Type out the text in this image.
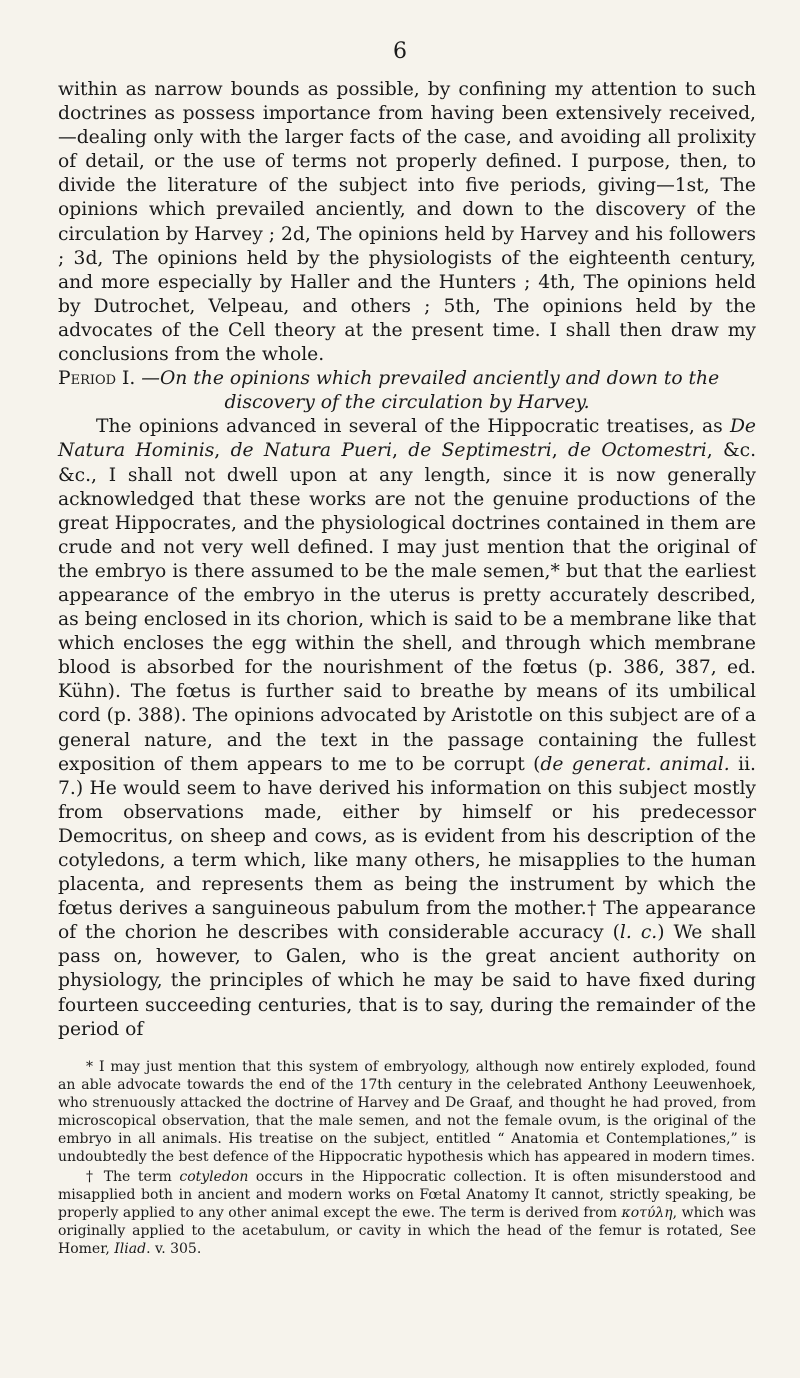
6

within as narrow bounds as possible, by confining my attention to such doctrines as possess importance from having been extensively received, —dealing only with the larger facts of the case, and avoiding all prolixity of detail, or the use of terms not properly defined. I purpose, then, to divide the literature of the subject into five periods, giving—1st, The opinions which prevailed anciently, and down to the discovery of the circulation by Harvey ; 2d, The opinions held by Harvey and his followers ; 3d, The opinions held by the physiologists of the eighteenth century, and more especially by Haller and the Hunters ; 4th, The opinions held by Dutrochet, Velpeau, and others ; 5th, The opinions held by the advocates of the Cell theory at the present time. I shall then draw my conclusions from the whole.

Period I. —On the opinions which prevailed anciently and down to the
discovery of the circulation by Harvey.

The opinions advanced in several of the Hippocratic treatises, as De Natura Hominis, de Natura Pueri, de Septimestri, de Octomestri, &c. &c., I shall not dwell upon at any length, since it is now generally acknowledged that these works are not the genuine productions of the great Hippocrates, and the physiological doctrines contained in them are crude and not very well defined. I may just mention that the original of the embryo is there assumed to be the male semen,* but that the earliest appearance of the embryo in the uterus is pretty accurately described, as being enclosed in its chorion, which is said to be a membrane like that which encloses the egg within the shell, and through which membrane blood is absorbed for the nourishment of the fœtus (p. 386, 387, ed. Kühn). The fœtus is further said to breathe by means of its umbilical cord (p. 388). The opinions advocated by Aristotle on this subject are of a general nature, and the text in the passage containing the fullest exposition of them appears to me to be corrupt (de generat. animal. ii. 7.) He would seem to have derived his information on this subject mostly from observations made, either by himself or his predecessor Democritus, on sheep and cows, as is evident from his description of the cotyledons, a term which, like many others, he misapplies to the human placenta, and represents them as being the instrument by which the fœtus derives a sanguineous pabulum from the mother.† The appearance of the chorion he describes with considerable accuracy (l. c.) We shall pass on, however, to Galen, who is the great ancient authority on physiology, the principles of which he may be said to have fixed during fourteen succeeding centuries, that is to say, during the remainder of the period of

* I may just mention that this system of embryology, although now entirely exploded, found an able advocate towards the end of the 17th century in the celebrated Anthony Leeuwenhoek, who strenuously attacked the doctrine of Harvey and De Graaf, and thought he had proved, from microscopical observation, that the male semen, and not the female ovum, is the original of the embryo in all animals. His treatise on the subject, entitled “ Anatomia et Contemplationes,” is undoubtedly the best defence of the Hippocratic hypothesis which has appeared in modern times.

† The term cotyledon occurs in the Hippocratic collection. It is often misunderstood and misapplied both in ancient and modern works on Fœtal Anatomy It cannot, strictly speaking, be properly applied to any other animal except the ewe. The term is derived from κοτύλη, which was originally applied to the acetabulum, or cavity in which the head of the femur is rotated, See Homer, Iliad. v. 305.
